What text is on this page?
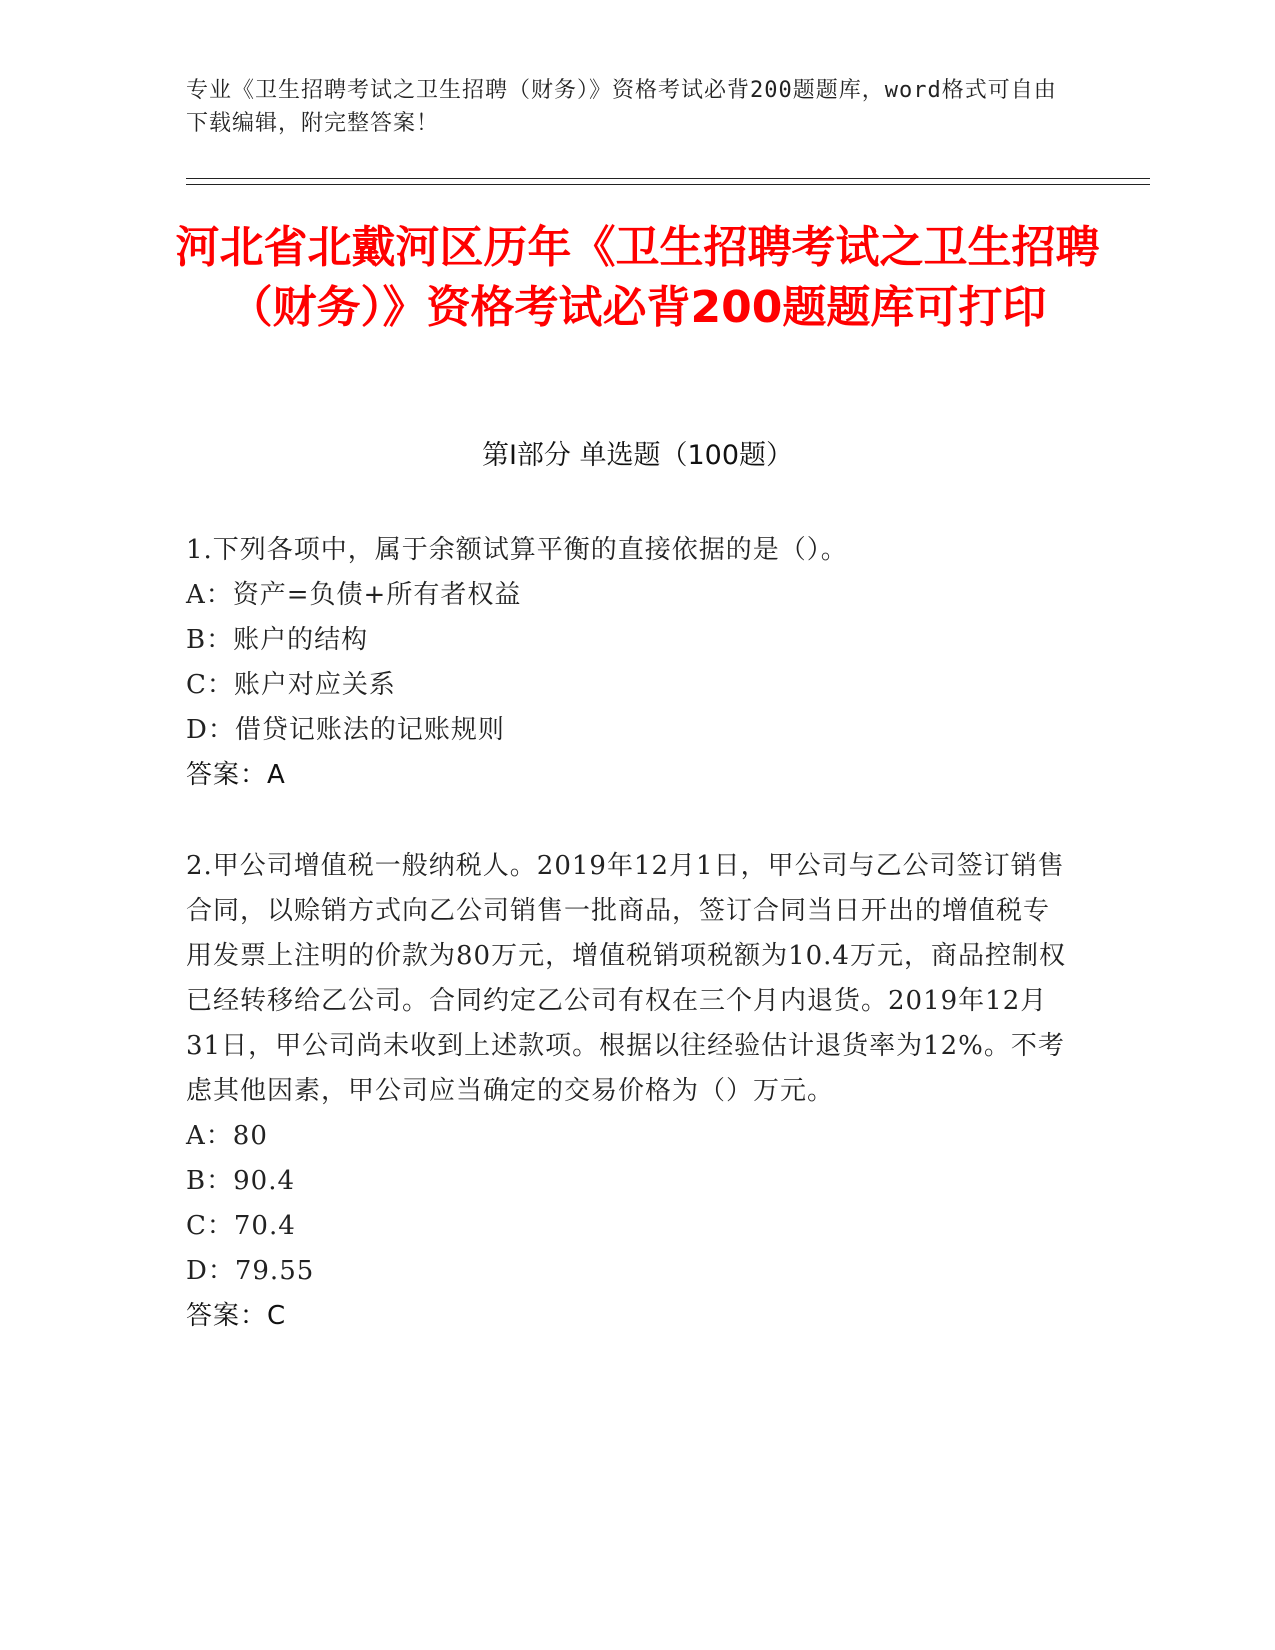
专业《卫生招聘考试之卫生招聘（财务）》资格考试必背200题题库，word格式可自由下载编辑，附完整答案！
河北省北戴河区历年《卫生招聘考试之卫生招聘（财务）》资格考试必背200题题库可打印
第Ⅰ部分 单选题（100题）

1.下列各项中，属于余额试算平衡的直接依据的是（）。

A：资产=负债+所有者权益

B：账户的结构

C：账户对应关系

D：借贷记账法的记账规则

答案：A

2.甲公司增值税一般纳税人。2019年12月1日，甲公司与乙公司签订销售合同，以赊销方式向乙公司销售一批商品，签订合同当日开出的增值税专用发票上注明的价款为80万元，增值税销项税额为10.4万元，商品控制权已经转移给乙公司。合同约定乙公司有权在三个月内退货。2019年12月31日，甲公司尚未收到上述款项。根据以往经验估计退货率为12%。不考虑其他因素，甲公司应当确定的交易价格为（）万元。

A：80

B：90.4

C：70.4

D：79.55

答案：C
